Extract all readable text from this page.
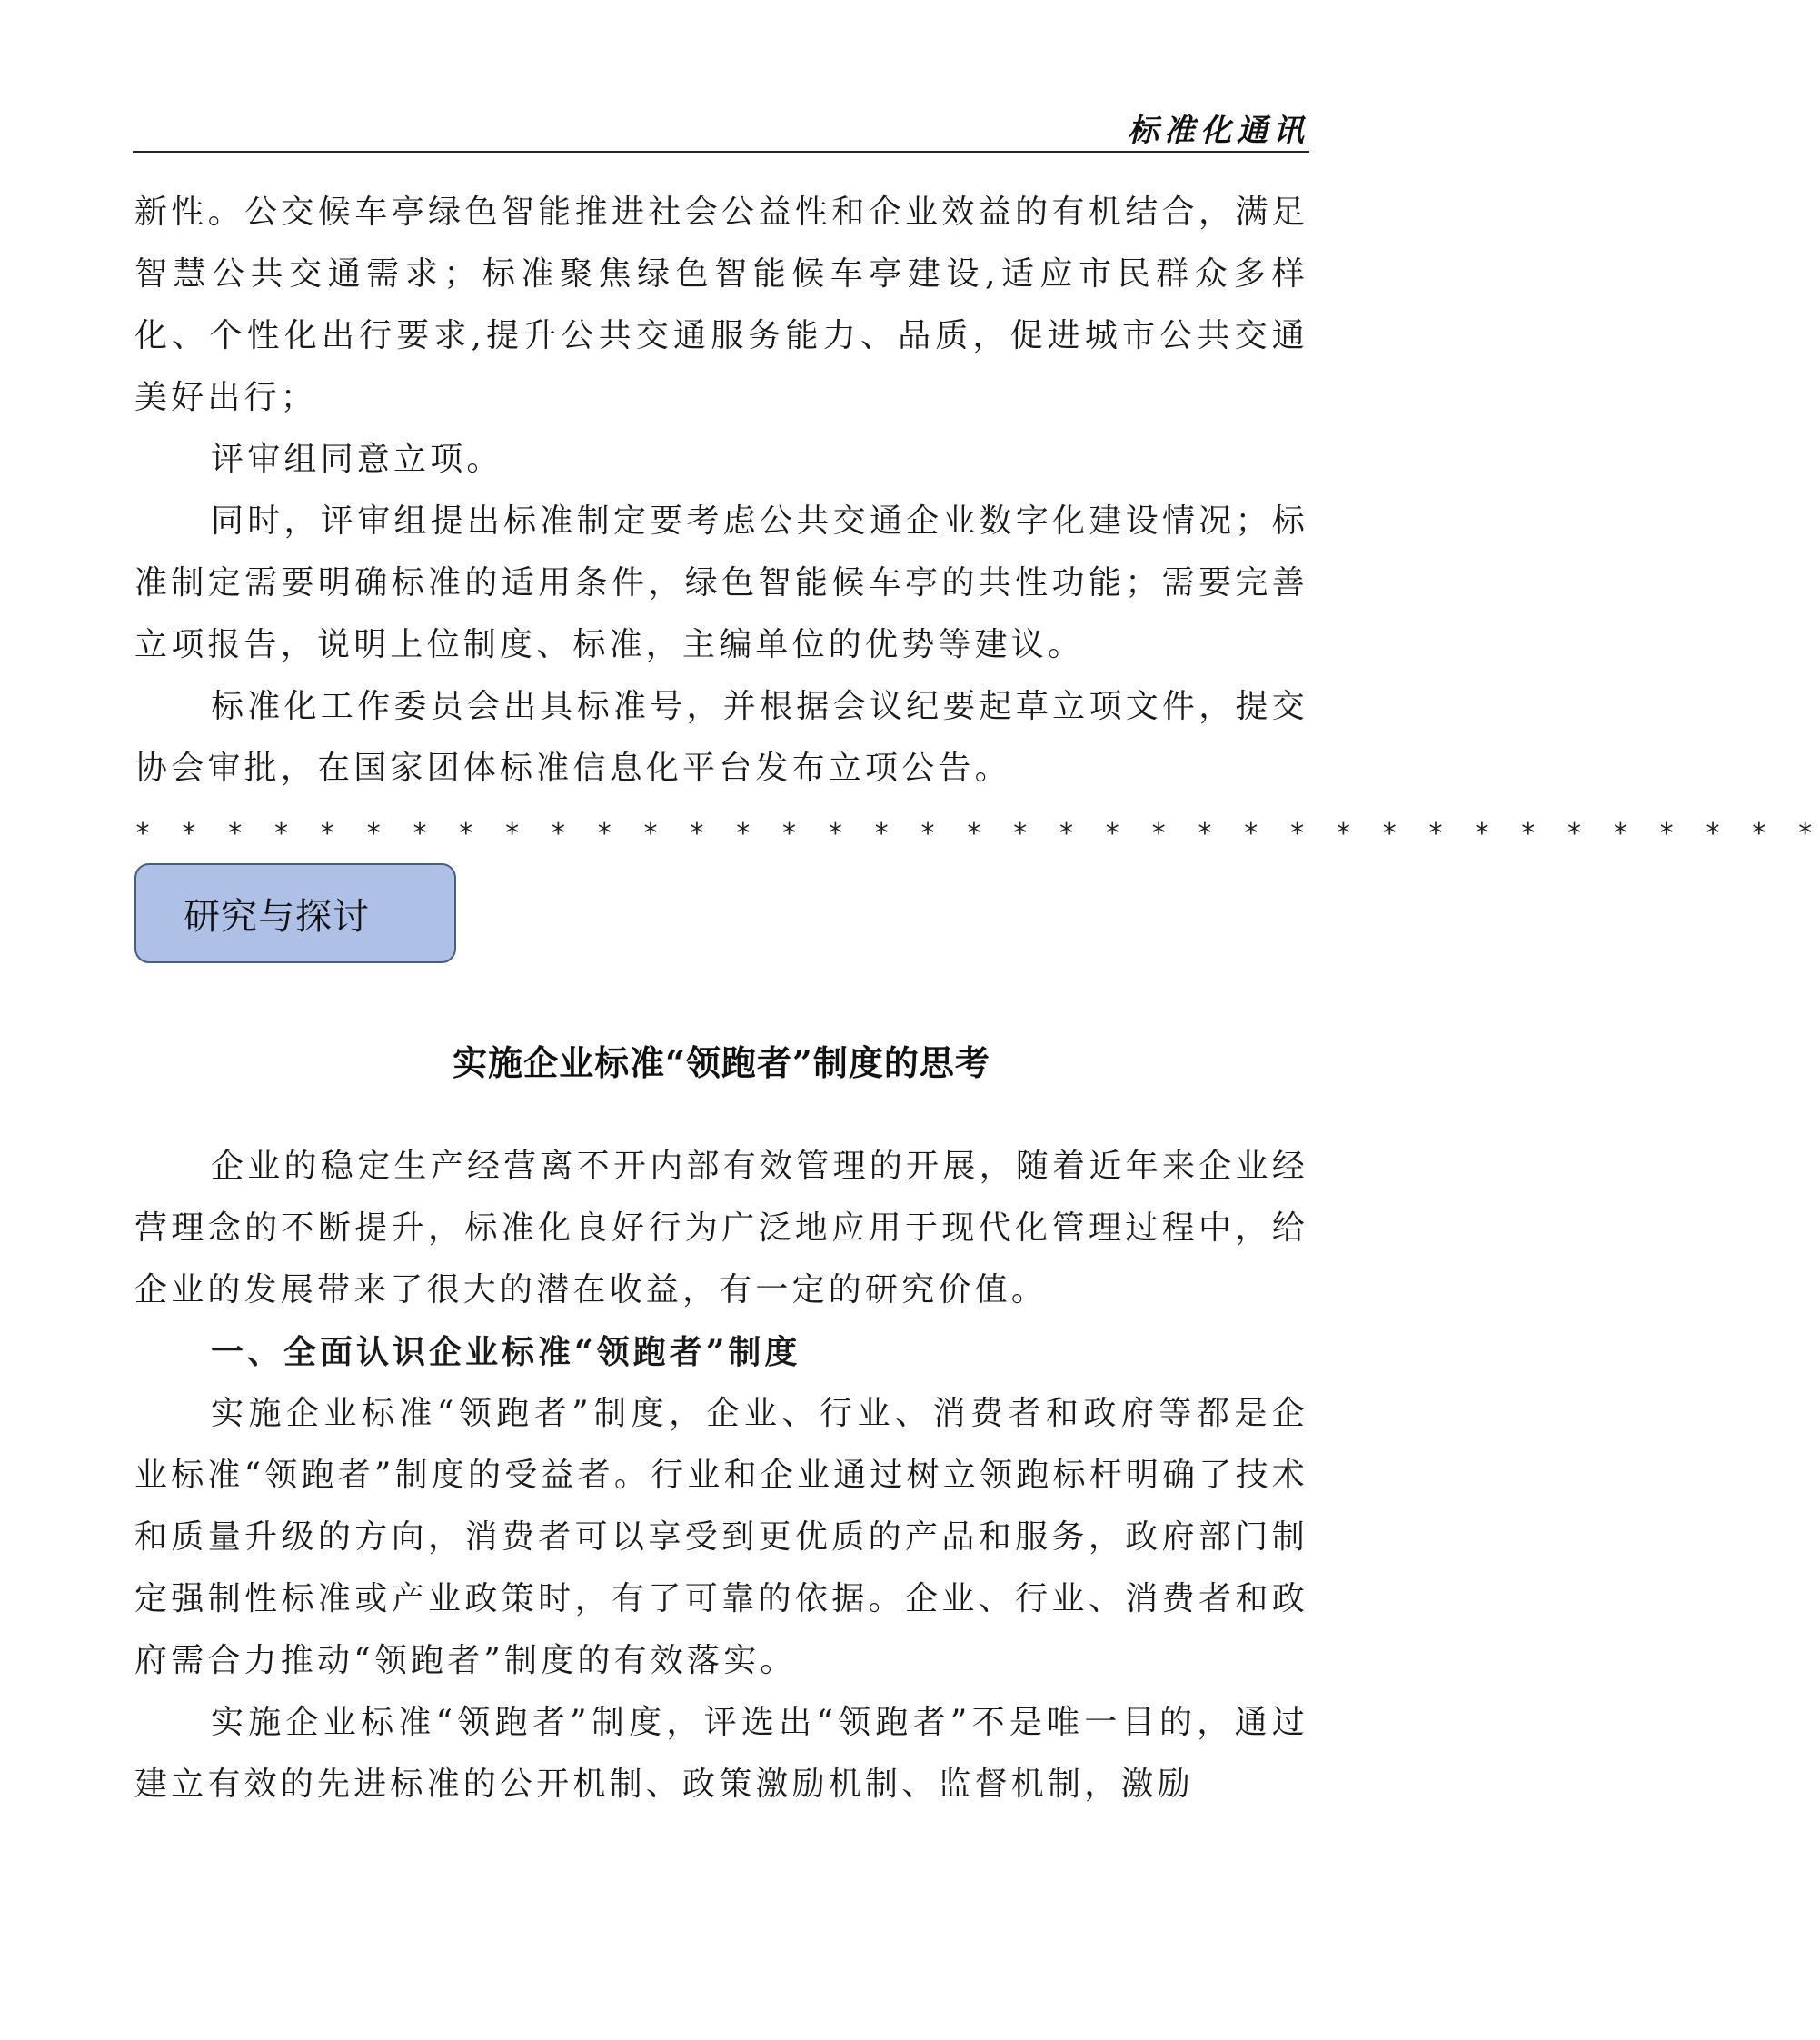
标准化通讯

新性。公交候车亭绿色智能推进社会公益性和企业效益的有机结合，满足智慧公共交通需求；标准聚焦绿色智能候车亭建设,适应市民群众多样化、个性化出行要求,提升公共交通服务能力、品质，促进城市公共交通美好出行；

评审组同意立项。

同时，评审组提出标准制定要考虑公共交通企业数字化建设情况；标准制定需要明确标准的适用条件，绿色智能候车亭的共性功能；需要完善立项报告，说明上位制度、标准，主编单位的优势等建议。

标准化工作委员会出具标准号，并根据会议纪要起草立项文件，提交协会审批，在国家团体标准信息化平台发布立项公告。

* * * * * * * * * * * * * * * * * * * * * * * * * * * * * * * * * * * * *
研究与探讨
实施企业标准“领跑者”制度的思考

企业的稳定生产经营离不开内部有效管理的开展，随着近年来企业经营理念的不断提升，标准化良好行为广泛地应用于现代化管理过程中，给企业的发展带来了很大的潜在收益，有一定的研究价值。

一、全面认识企业标准“领跑者”制度

实施企业标准“领跑者”制度，企业、行业、消费者和政府等都是企业标准“领跑者”制度的受益者。行业和企业通过树立领跑标杆明确了技术和质量升级的方向，消费者可以享受到更优质的产品和服务，政府部门制定强制性标准或产业政策时，有了可靠的依据。企业、行业、消费者和政府需合力推动“领跑者”制度的有效落实。

实施企业标准“领跑者”制度，评选出“领跑者”不是唯一目的，通过建立有效的先进标准的公开机制、政策激励机制、监督机制，激励
